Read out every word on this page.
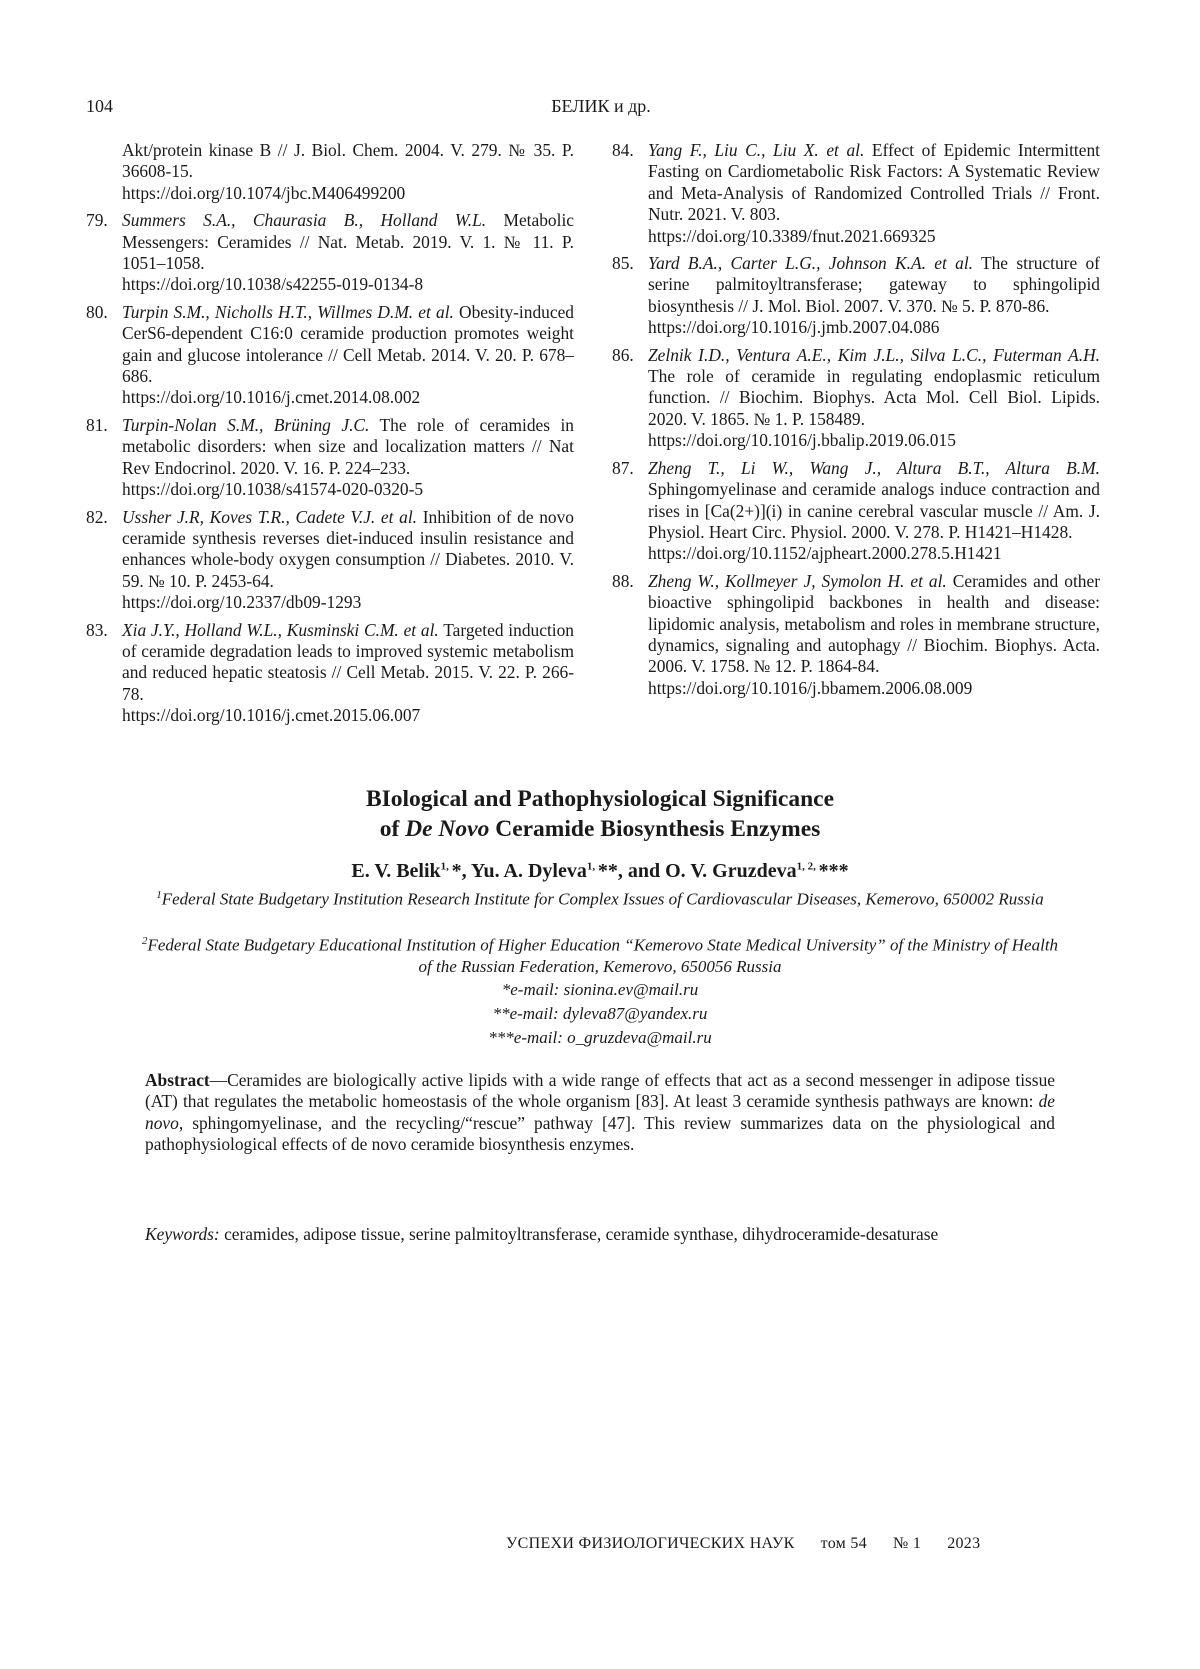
104	БЕЛИК и др.
Akt/protein kinase B // J. Biol. Chem. 2004. V. 279. № 35. P. 36608-15.
https://doi.org/10.1074/jbc.M406499200
79. Summers S.A., Chaurasia B., Holland W.L. Metabolic Messengers: Ceramides // Nat. Metab. 2019. V. 1. № 11. P. 1051–1058.
https://doi.org/10.1038/s42255-019-0134-8
80. Turpin S.M., Nicholls H.T., Willmes D.M. et al. Obesity-induced CerS6-dependent C16:0 ceramide production promotes weight gain and glucose intolerance // Cell Metab. 2014. V. 20. P. 678–686.
https://doi.org/10.1016/j.cmet.2014.08.002
81. Turpin-Nolan S.M., Brüning J.C. The role of ceramides in metabolic disorders: when size and localization matters // Nat Rev Endocrinol. 2020. V. 16. P. 224–233.
https://doi.org/10.1038/s41574-020-0320-5
82. Ussher J.R, Koves T.R., Cadete V.J. et al. Inhibition of de novo ceramide synthesis reverses diet-induced insulin resistance and enhances whole-body oxygen consumption // Diabetes. 2010. V. 59. № 10. P. 2453-64.
https://doi.org/10.2337/db09-1293
83. Xia J.Y., Holland W.L., Kusminski C.M. et al. Targeted induction of ceramide degradation leads to improved systemic metabolism and reduced hepatic steatosis // Cell Metab. 2015. V. 22. P. 266-78.
https://doi.org/10.1016/j.cmet.2015.06.007
84. Yang F., Liu C., Liu X. et al. Effect of Epidemic Intermittent Fasting on Cardiometabolic Risk Factors: A Systematic Review and Meta-Analysis of Randomized Controlled Trials // Front. Nutr. 2021. V. 803.
https://doi.org/10.3389/fnut.2021.669325
85. Yard B.A., Carter L.G., Johnson K.A. et al. The structure of serine palmitoyltransferase; gateway to sphingolipid biosynthesis // J. Mol. Biol. 2007. V. 370. № 5. P. 870-86.
https://doi.org/10.1016/j.jmb.2007.04.086
86. Zelnik I.D., Ventura A.E., Kim J.L., Silva L.C., Futerman A.H. The role of ceramide in regulating endoplasmic reticulum function. // Biochim. Biophys. Acta Mol. Cell Biol. Lipids. 2020. V. 1865. № 1. P. 158489.
https://doi.org/10.1016/j.bbalip.2019.06.015
87. Zheng T., Li W., Wang J., Altura B.T., Altura B.M. Sphingomyelinase and ceramide analogs induce contraction and rises in [Ca(2+)](i) in canine cerebral vascular muscle // Am. J. Physiol. Heart Circ. Physiol. 2000. V. 278. P. H1421–H1428.
https://doi.org/10.1152/ajpheart.2000.278.5.H1421
88. Zheng W., Kollmeyer J, Symolon H. et al. Ceramides and other bioactive sphingolipid backbones in health and disease: lipidomic analysis, metabolism and roles in membrane structure, dynamics, signaling and autophagy // Biochim. Biophys. Acta. 2006. V. 1758. № 12. P. 1864-84.
https://doi.org/10.1016/j.bbamem.2006.08.009
BIological and Pathophysiological Significance
of De Novo Ceramide Biosynthesis Enzymes
E. V. Belik1, *, Yu. A. Dyleva1, **, and O. V. Gruzdeva1, 2, ***
1Federal State Budgetary Institution Research Institute for Complex Issues of Cardiovascular Diseases, Kemerovo, 650002 Russia
2Federal State Budgetary Educational Institution of Higher Education “Kemerovo State Medical University” of the Ministry of Health of the Russian Federation, Kemerovo, 650056 Russia
*e-mail: sionina.ev@mail.ru
**e-mail: dyleva87@yandex.ru
***e-mail: o_gruzdeva@mail.ru
Abstract—Ceramides are biologically active lipids with a wide range of effects that act as a second messenger in adipose tissue (AT) that regulates the metabolic homeostasis of the whole organism [83]. At least 3 ceramide synthesis pathways are known: de novo, sphingomyelinase, and the recycling/“rescue” pathway [47]. This review summarizes data on the physiological and pathophysiological effects of de novo ceramide biosynthesis enzymes.
Keywords: ceramides, adipose tissue, serine palmitoyltransferase, ceramide synthase, dihydroceramide-desaturase
УСПЕХИ ФИЗИОЛОГИЧЕСКИХ НАУК том 54 № 1 2023
